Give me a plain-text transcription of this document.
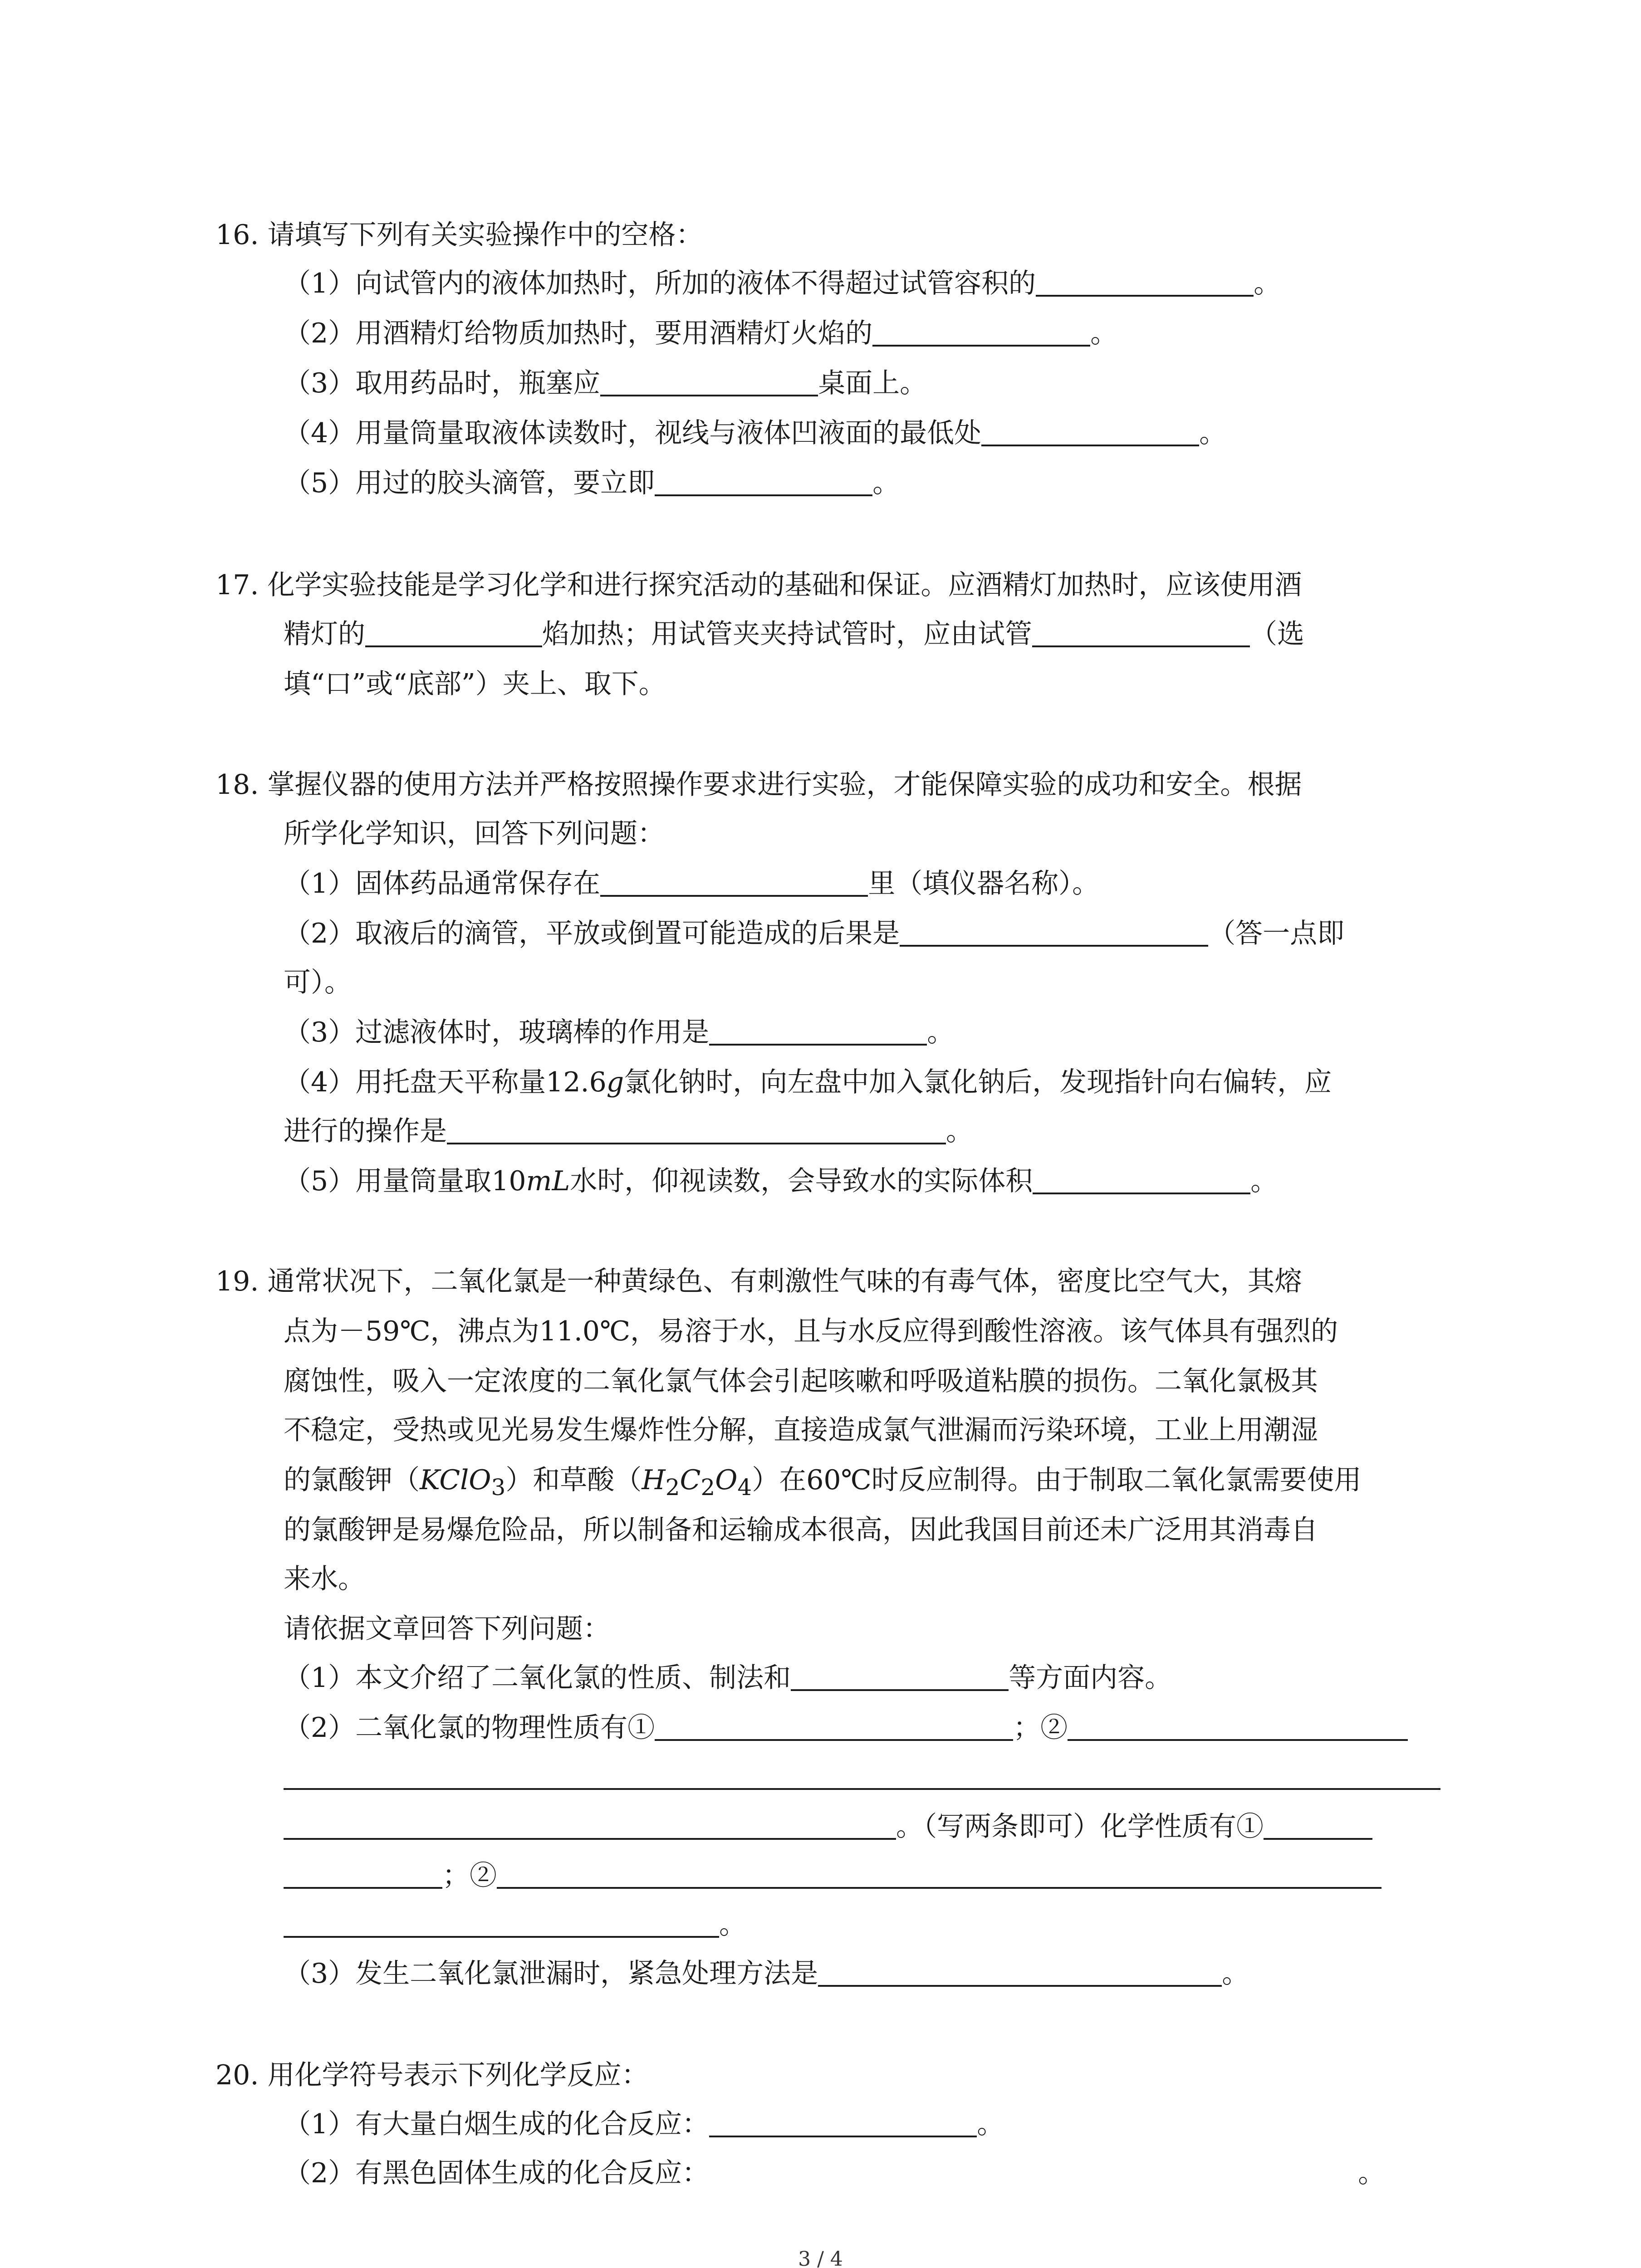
16. 请填写下列有关实验操作中的空格：
（1）向试管内的液体加热时，所加的液体不得超过试管容积的	。
（2）用酒精灯给物质加热时，要用酒精灯火焰的	。
（3）取用药品时，瓶塞应	桌面上。
（4）用量筒量取液体读数时，视线与液体凹液面的最低处	。
（5）用过的胶头滴管，要立即	。
17. 化学实验技能是学习化学和进行探究活动的基础和保证。应酒精灯加热时，应该使用酒
精灯的	焰加热；用试管夹夹持试管时，应由试管	（选
填“口”或“底部”）夹上、取下。
18. 掌握仪器的使用方法并严格按照操作要求进行实验，才能保障实验的成功和安全。根据
所学化学知识，回答下列问题：
（1）固体药品通常保存在	里（填仪器名称）。
（2）取液后的滴管，平放或倒置可能造成的后果是	（答一点即
可）。
（3）过滤液体时，玻璃棒的作用是	。
（4）用托盘天平称量12.6g氯化钠时，向左盘中加入氯化钠后，发现指针向右偏转，应
进行的操作是	。
（5）用量筒量取10mL水时，仰视读数，会导致水的实际体积	。
19. 通常状况下，二氧化氯是一种黄绿色、有刺激性气味的有毒气体，密度比空气大，其熔
点为－59℃，沸点为11.0℃，易溶于水，且与水反应得到酸性溶液。该气体具有强烈的
腐蚀性，吸入一定浓度的二氧化氯气体会引起咳嗽和呼吸道粘膜的损伤。二氧化氯极其
不稳定，受热或见光易发生爆炸性分解，直接造成氯气泄漏而污染环境，工业上用潮湿
的氯酸钾（KClO$_3$）和草酸$(H_2C_2O_4)$在60℃时反应制得。由于制取二氧化氯需要使用
的氯酸钾是易爆危险品，所以制备和运输成本很高，因此我国目前还未广泛用其消毒自
来水。
请依据文章回答下列问题：
（1）本文介绍了二氧化氯的性质、制法和	等方面内容。
（2）二氧化氯的物理性质有①	；②
。（写两条即可）化学性质有①
；②
。
（3）发生二氧化氯泄漏时，紧急处理方法是	。
20. 用化学符号表示下列化学反应：
（1）有大量白烟生成的化合反应：	。
（2）有黑色固体生成的化合反应：	。
3 / 4
